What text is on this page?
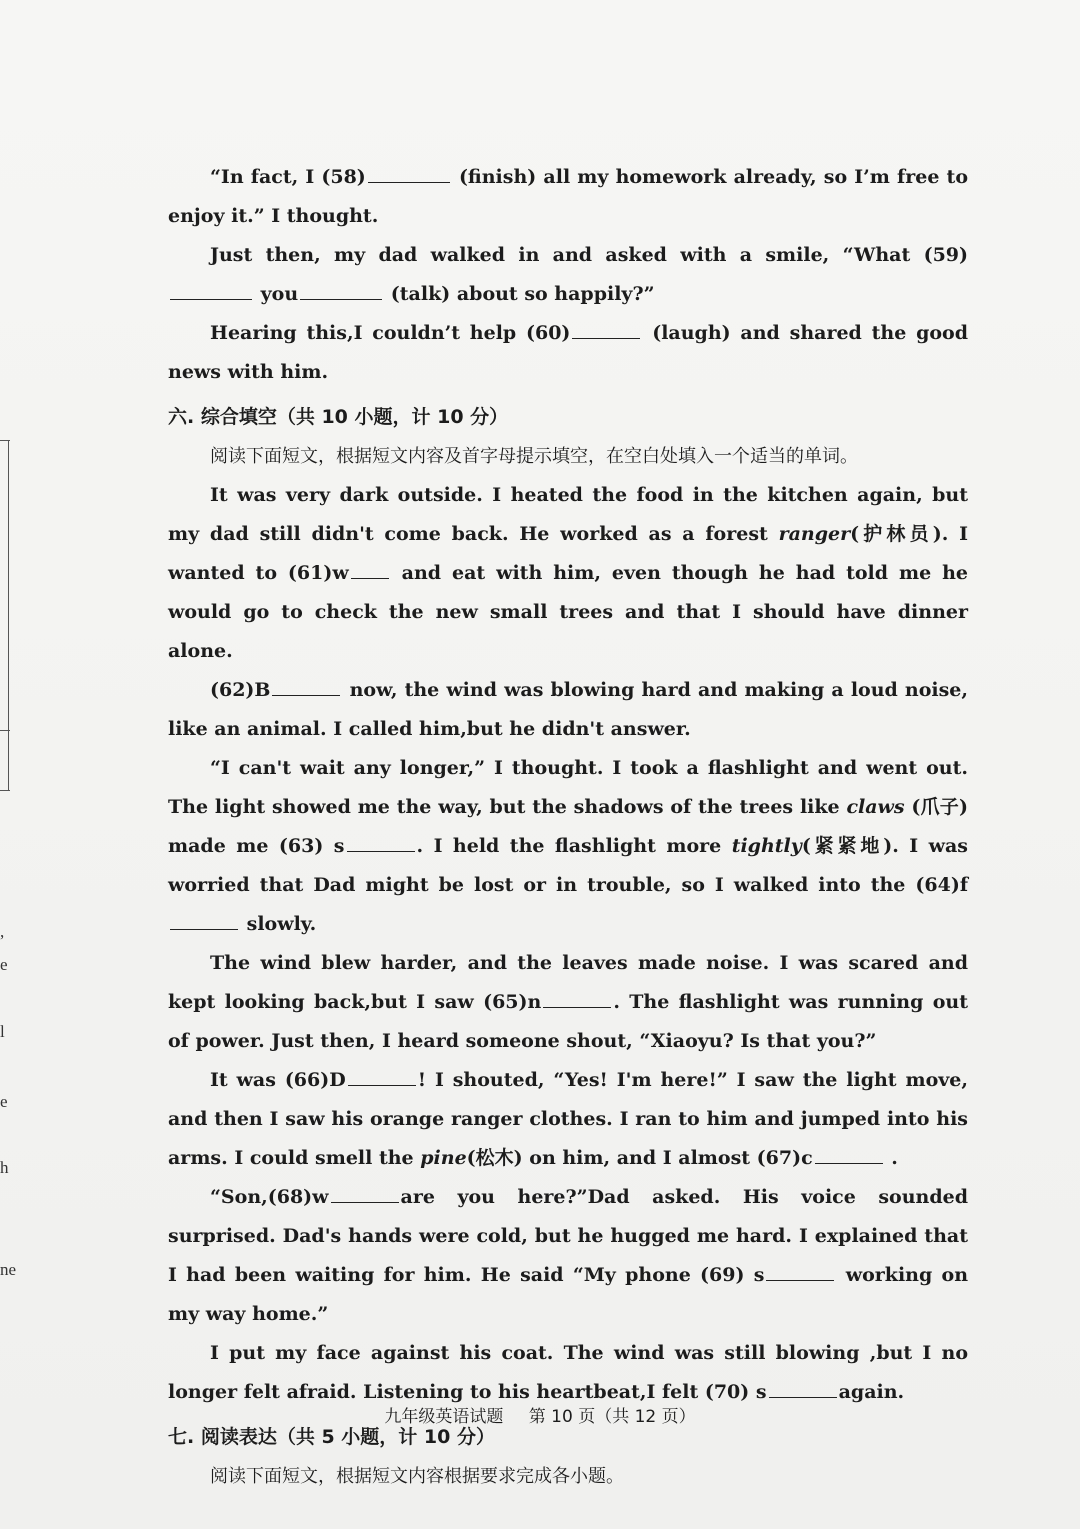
,
e
l
e
h
ne

“In fact, I (58)	(finish) all my homework already, so I’m free to enjoy it.” I thought.

Just then, my dad walked in and asked with a smile, “What (59) you	(talk) about so happily?”

Hearing this,I couldn’t help (60)	(laugh) and shared the good news with him.

六. 综合填空（共 10 小题，计 10 分）

阅读下面短文，根据短文内容及首字母提示填空，在空白处填入一个适当的单词。

It was very dark outside. I heated the food in the kitchen again, but my dad still didn't come back. He worked as a forest ranger(护林员). I wanted to (61)w	and eat with him, even though he had told me he would go to check the new small trees and that I should have dinner alone.

(62)B	now, the wind was blowing hard and making a loud noise, like an animal. I called him,but he didn't answer.

“I can't wait any longer,” I thought. I took a flashlight and went out. The light showed me the way, but the shadows of the trees like claws (爪子) made me (63) s	. I held the flashlight more tightly(紧紧地). I was worried that Dad might be lost or in trouble, so I walked into the (64)f slowly.

The wind blew harder, and the leaves made noise. I was scared and kept looking back,but I saw (65)n	. The flashlight was running out of power. Just then, I heard someone shout, “Xiaoyu? Is that you?”

It was (66)D	! I shouted, “Yes! I'm here!” I saw the light move, and then I saw his orange ranger clothes. I ran to him and jumped into his arms. I could smell the pine(松木) on him, and I almost (67)c	.

“Son,(68)w	are you here?”Dad asked. His voice sounded surprised. Dad's hands were cold, but he hugged me hard. I explained that I had been waiting for him. He said “My phone (69) s	working on my way home.”

I put my face against his coat. The wind was still blowing ,but I no longer felt afraid. Listening to his heartbeat,I felt (70) s	again.

七. 阅读表达（共 5 小题，计 10 分）

阅读下面短文，根据短文内容根据要求完成各小题。

九年级英语试题 第 10 页（共 12 页）
